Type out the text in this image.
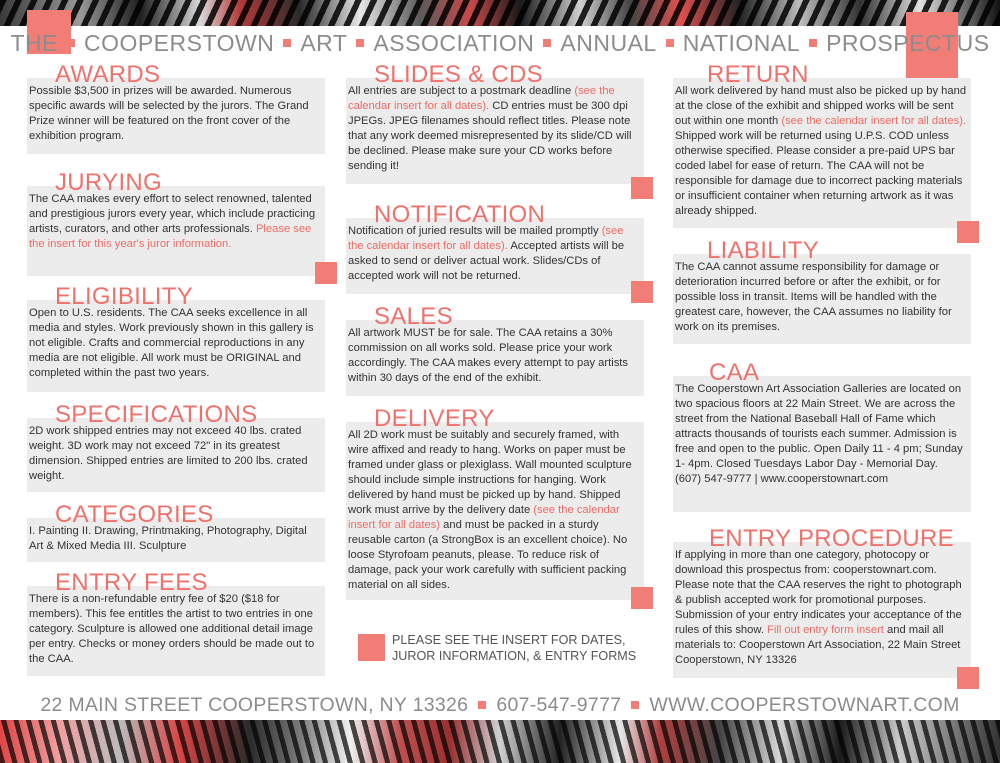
THE COOPERSTOWN ART ASSOCIATION ANNUAL NATIONAL PROSPECTUS
AWARDS
Possible $3,500 in prizes will be awarded. Numerous specific awards will be selected by the jurors. The Grand Prize winner will be featured on the front cover of the exhibition program.
JURYING
The CAA makes every effort to select renowned, talented and prestigious jurors every year, which include practicing artists, curators, and other arts professionals. Please see the insert for this year's juror information.
ELIGIBILITY
Open to U.S. residents. The CAA seeks excellence in all media and styles. Work previously shown in this gallery is not eligible. Crafts and commercial reproductions in any media are not eligible. All work must be ORIGINAL and completed within the past two years.
SPECIFICATIONS
2D work shipped entries may not exceed 40 lbs. crated weight. 3D work may not exceed 72" in its greatest dimension. Shipped entries are limited to 200 lbs. crated weight.
CATEGORIES
I. Painting II. Drawing, Printmaking, Photography, Digital Art & Mixed Media III. Sculpture
ENTRY FEES
There is a non-refundable entry fee of $20 ($18 for members). This fee entitles the artist to two entries in one category. Sculpture is allowed one additional detail image per entry. Checks or money orders should be made out to the CAA.
SLIDES & CDS
All entries are subject to a postmark deadline (see the calendar insert for all dates). CD entries must be 300 dpi JPEGs. JPEG filenames should reflect titles. Please note that any work deemed misrepresented by its slide/CD will be declined. Please make sure your CD works before sending it!
NOTIFICATION
Notification of juried results will be mailed promptly (see the calendar insert for all dates). Accepted artists will be asked to send or deliver actual work. Slides/CDs of accepted work will not be returned.
SALES
All artwork MUST be for sale. The CAA retains a 30% commission on all works sold. Please price your work accordingly. The CAA makes every attempt to pay artists within 30 days of the end of the exhibit.
DELIVERY
All 2D work must be suitably and securely framed, with wire affixed and ready to hang. Works on paper must be framed under glass or plexiglass. Wall mounted sculpture should include simple instructions for hanging. Work delivered by hand must be picked up by hand. Shipped work must arrive by the delivery date (see the calendar insert for all dates) and must be packed in a sturdy reusable carton (a StrongBox is an excellent choice). No loose Styrofoam peanuts, please. To reduce risk of damage, pack your work carefully with sufficient packing material on all sides.
RETURN
All work delivered by hand must also be picked up by hand at the close of the exhibit and shipped works will be sent out within one month (see the calendar insert for all dates). Shipped work will be returned using U.P.S. COD unless otherwise specified. Please consider a pre-paid UPS bar coded label for ease of return. The CAA will not be responsible for damage due to incorrect packing materials or insufficient container when returning artwork as it was already shipped.
LIABILITY
The CAA cannot assume responsibility for damage or deterioration incurred before or after the exhibit, or for possible loss in transit. Items will be handled with the greatest care, however, the CAA assumes no liability for work on its premises.
CAA
The Cooperstown Art Association Galleries are located on two spacious floors at 22 Main Street. We are across the street from the National Baseball Hall of Fame which attracts thousands of tourists each summer. Admission is free and open to the public. Open Daily 11 - 4 pm; Sunday 1- 4pm. Closed Tuesdays Labor Day - Memorial Day.
(607) 547-9777 | www.cooperstownart.com
ENTRY PROCEDURE
If applying in more than one category, photocopy or download this prospectus from: cooperstownart.com. Please note that the CAA reserves the right to photograph & publish accepted work for promotional purposes. Submission of your entry indicates your acceptance of the rules of this show. Fill out entry form insert and mail all materials to: Cooperstown Art Association, 22 Main Street Cooperstown, NY 13326
PLEASE SEE THE INSERT FOR DATES, JUROR INFORMATION, & ENTRY FORMS
22 MAIN STREET COOPERSTOWN, NY 13326 607-547-9777 WWW.COOPERSTOWNART.COM
